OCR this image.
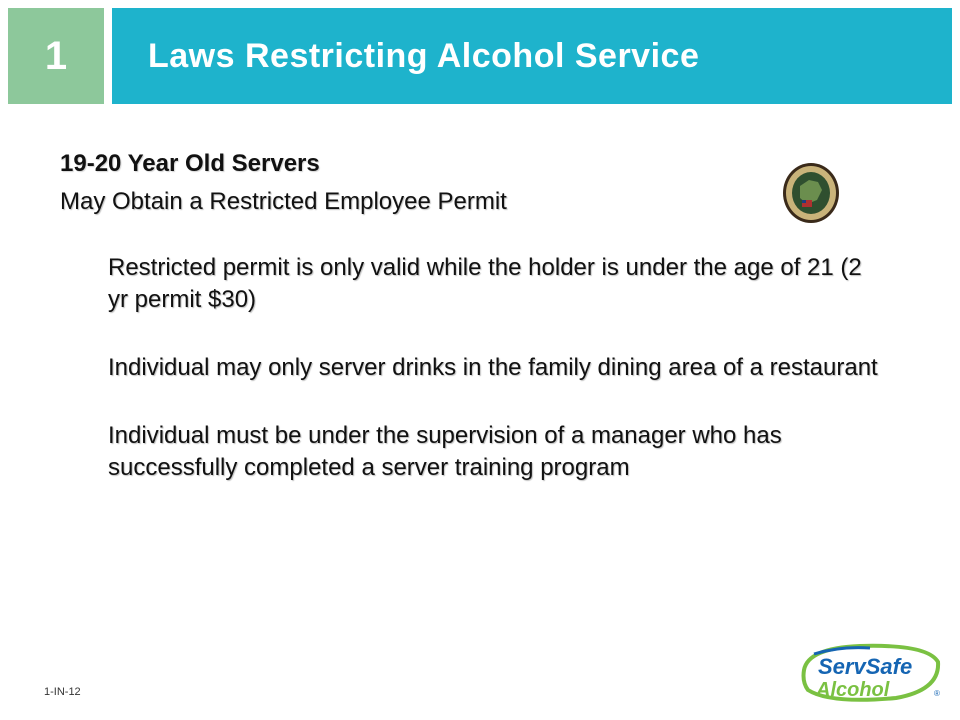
1 Laws Restricting Alcohol Service
19-20 Year Old Servers
May Obtain a Restricted Employee Permit
Restricted permit is only valid while the holder is under the age of 21 (2 yr permit $30)
Individual may only server drinks in the family dining area of a restaurant
Individual must be under the supervision of a manager who has successfully completed a server training program
1-IN-12
ServSafe
Alcohol	®
